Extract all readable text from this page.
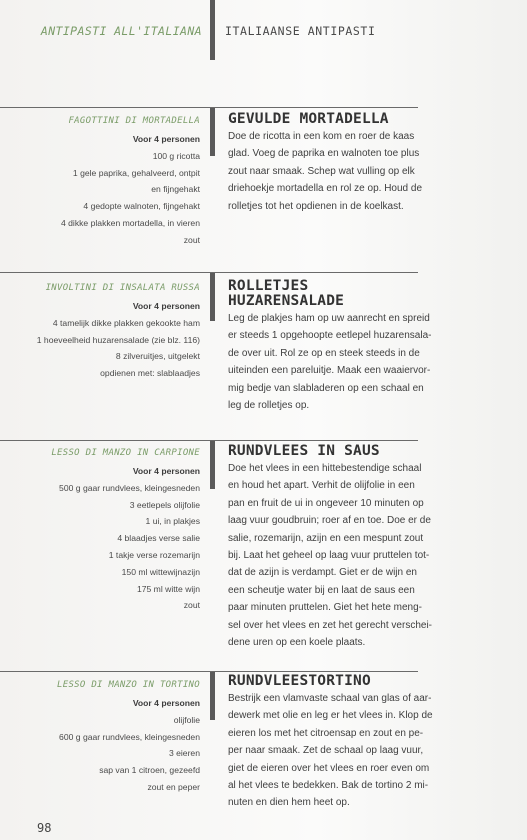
ANTIPASTI ALL'ITALIANA ITALIAANSE ANTIPASTI
FAGOTTINI DI MORTADELLA

Voor 4 personen

100 g ricotta

1 gele paprika, gehalveerd, ontpit

en fijngehakt

4 gedopte walnoten, fijngehakt

4 dikke plakken mortadella, in vieren

zout

GEVULDE MORTADELLA
Doe de ricotta in een kom en roer de kaas
glad. Voeg de paprika en walnoten toe plus
zout naar smaak. Schep wat vulling op elk
driehoekje mortadella en rol ze op. Houd de
rolletjes tot het opdienen in de koelkast.
INVOLTINI DI INSALATA RUSSA

Voor 4 personen

4 tamelijk dikke plakken gekookte ham

1 hoeveelheid huzarensalade (zie blz. 116)

8 zilveruitjes, uitgelekt

opdienen met: slablaadjes

ROLLETJES
HUZARENSALADE
Leg de plakjes ham op uw aanrecht en spreid
er steeds 1 opgehoopte eetlepel huzarensala-
de over uit. Rol ze op en steek steeds in de
uiteinden een pareluitje. Maak een waaiervor-
mig bedje van slabladeren op een schaal en
leg de rolletjes op.
LESSO DI MANZO IN CARPIONE

Voor 4 personen

500 g gaar rundvlees, kleingesneden

3 eetlepels olijfolie

1 ui, in plakjes

4 blaadjes verse salie

1 takje verse rozemarijn

150 ml wittewijnazijn

175 ml witte wijn

zout

RUNDVLEES IN SAUS
Doe het vlees in een hittebestendige schaal
en houd het apart. Verhit de olijfolie in een
pan en fruit de ui in ongeveer 10 minuten op
laag vuur goudbruin; roer af en toe. Doe er de
salie, rozemarijn, azijn en een mespunt zout
bij. Laat het geheel op laag vuur pruttelen tot-
dat de azijn is verdampt. Giet er de wijn en
een scheutje water bij en laat de saus een
paar minuten pruttelen. Giet het hete meng-
sel over het vlees en zet het gerecht verschei-
dene uren op een koele plaats.
LESSO DI MANZO IN TORTINO

Voor 4 personen

olijfolie

600 g gaar rundvlees, kleingesneden

3 eieren

sap van 1 citroen, gezeefd

zout en peper

RUNDVLEESTORTINO
Bestrijk een vlamvaste schaal van glas of aar-
dewerk met olie en leg er het vlees in. Klop de
eieren los met het citroensap en zout en pe-
per naar smaak. Zet de schaal op laag vuur,
giet de eieren over het vlees en roer even om
al het vlees te bedekken. Bak de tortino 2 mi-
nuten en dien hem heet op.
98
